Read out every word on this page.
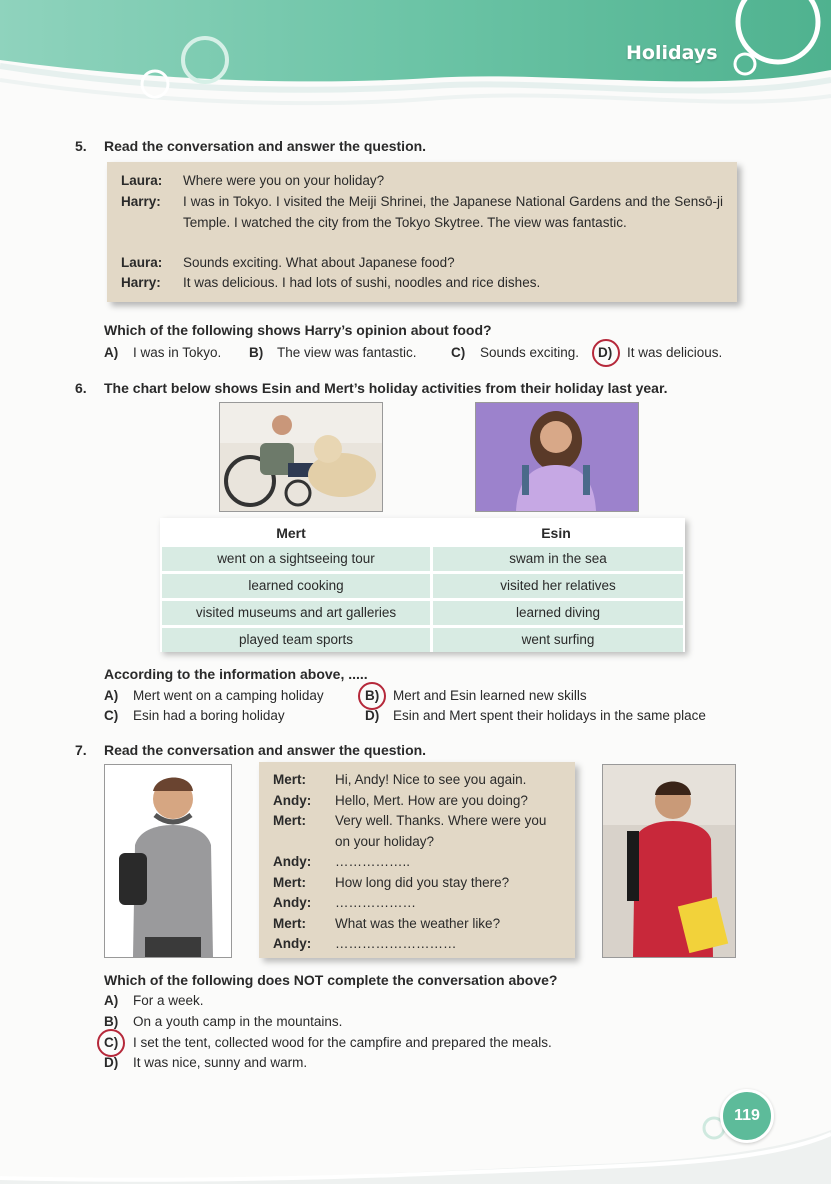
Holidays
5. Read the conversation and answer the question.
Laura: Where were you on your holiday?
Harry: I was in Tokyo. I visited the Meiji Shrinei, the Japanese National Gardens and the Sensō-ji Temple. I watched the city from the Tokyo Skytree. The view was fantastic.
Laura: Sounds exciting. What about Japanese food?
Harry: It was delicious. I had lots of sushi, noodles and rice dishes.
Which of the following shows Harry’s opinion about food?
A) I was in Tokyo. B) The view was fantastic.	C) Sounds exciting. D) It was delicious.
6. The chart below shows Esin and Mert’s holiday activities from their holiday last year.
Mert	Esin
went on a sightseeing tour	swam in the sea
learned cooking	visited her relatives
visited museums and art galleries	learned diving
played team sports	went surfing
According to the information above, .....
A) Mert went on a camping holiday	B) Mert and Esin learned new skills
C) Esin had a boring holiday	D) Esin and Mert spent their holidays in the same place
7. Read the conversation and answer the question.
Mert: Hi, Andy! Nice to see you again.
Andy: Hello, Mert. How are you doing?
Mert: Very well. Thanks. Where were you
on your holiday?
Andy: ……………..
Mert: How long did you stay there?
Andy: ………………
Mert: What was the weather like?
Andy: ………………………
Which of the following does NOT complete the conversation above?
A) For a week.
B) On a youth camp in the mountains.
C) I set the tent, collected wood for the campfire and prepared the meals.
D) It was nice, sunny and warm.
119
